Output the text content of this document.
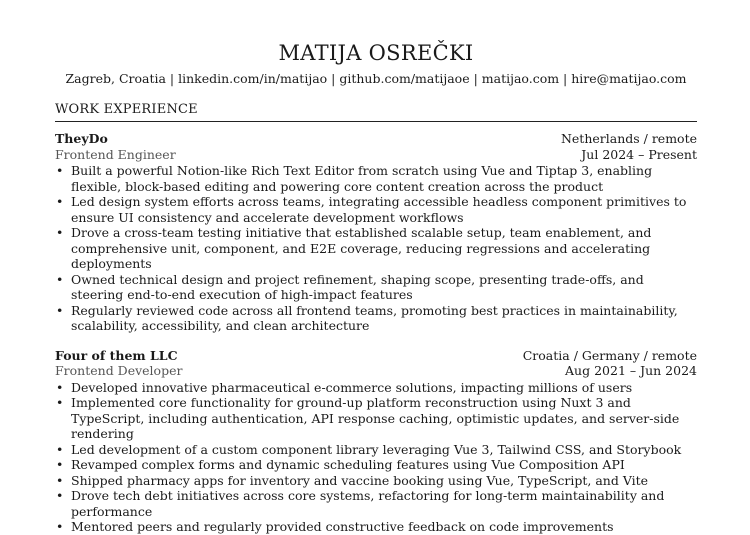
MATIJA OSREČKI
Zagreb, Croatia | linkedin.com/in/matijao | github.com/matijaoe | matijao.com | hire@matijao.com
WORK EXPERIENCE
TheyDo	Netherlands / remote
Frontend Engineer	Jul 2024 – Present
• Built a powerful Notion-like Rich Text Editor from scratch using Vue and Tiptap 3, enabling flexible, block-based editing and powering core content creation across the product
• Led design system efforts across teams, integrating accessible headless component primitives to ensure UI consistency and accelerate development workflows
• Drove a cross-team testing initiative that established scalable setup, team enablement, and comprehensive unit, component, and E2E coverage, reducing regressions and accelerating deployments
• Owned technical design and project refinement, shaping scope, presenting trade-offs, and steering end-to-end execution of high-impact features
• Regularly reviewed code across all frontend teams, promoting best practices in maintainability, scalability, accessibility, and clean architecture
Four of them LLC	Croatia / Germany / remote
Frontend Developer	Aug 2021 – Jun 2024
• Developed innovative pharmaceutical e-commerce solutions, impacting millions of users
• Implemented core functionality for ground-up platform reconstruction using Nuxt 3 and TypeScript, including authentication, API response caching, optimistic updates, and server-side rendering
• Led development of a custom component library leveraging Vue 3, Tailwind CSS, and Storybook
• Revamped complex forms and dynamic scheduling features using Vue Composition API
• Shipped pharmacy apps for inventory and vaccine booking using Vue, TypeScript, and Vite
• Drove tech debt initiatives across core systems, refactoring for long-term maintainability and performance
• Mentored peers and regularly provided constructive feedback on code improvements
